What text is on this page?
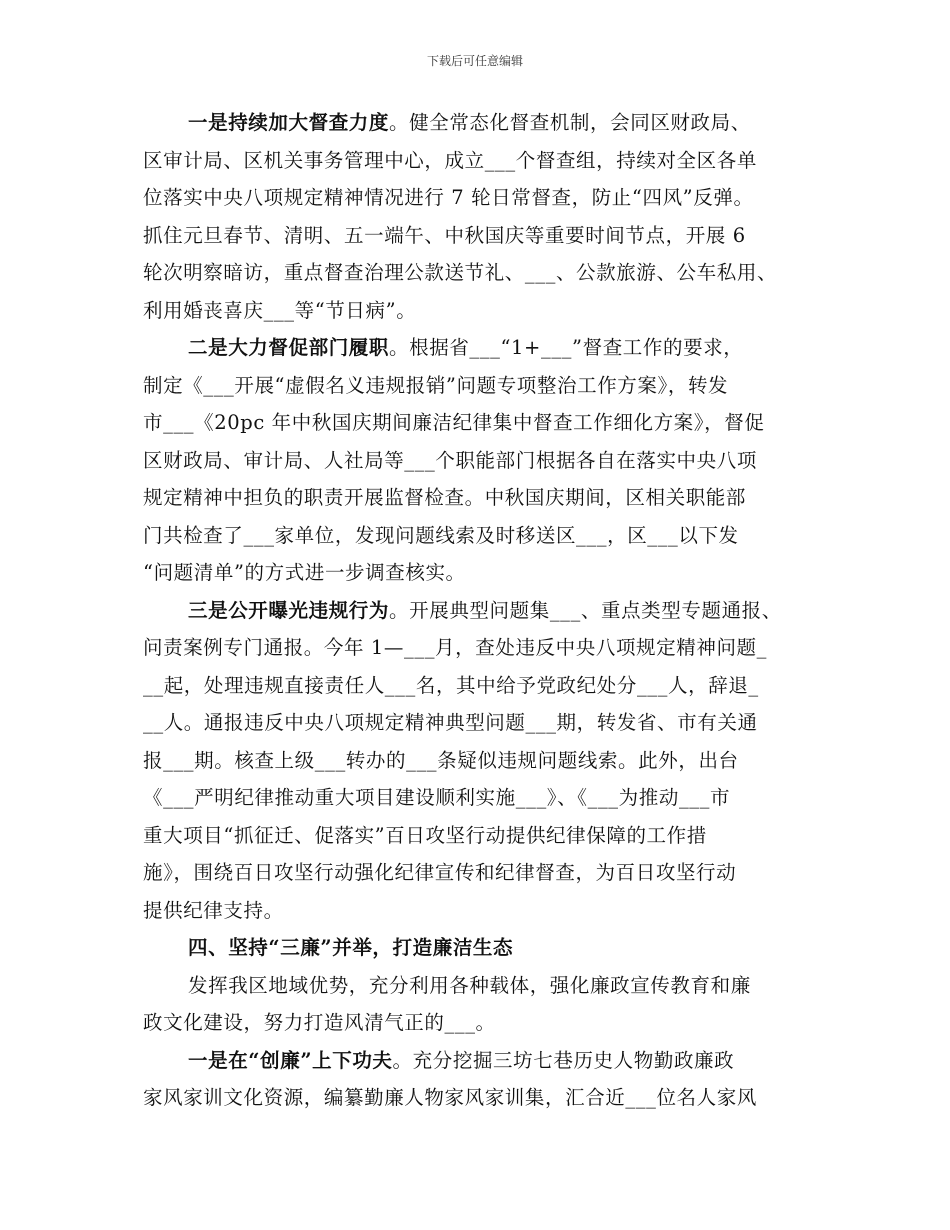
下载后可任意编辑
一是持续加大督查力度。健全常态化督查机制，会同区财政局、
区审计局、区机关事务管理中心，成立___个督查组，持续对全区各单
位落实中央八项规定精神情况进行 7 轮日常督查，防止“四风”反弹。
抓住元旦春节、清明、五一端午、中秋国庆等重要时间节点，开展 6
轮次明察暗访，重点督查治理公款送节礼、___、公款旅游、公车私用、
利用婚丧喜庆___等“节日病”。
二是大力督促部门履职。根据省___“1+___”督查工作的要求，
制定《___开展“虚假名义违规报销”问题专项整治工作方案》，转发
市___《20pc 年中秋国庆期间廉洁纪律集中督查工作细化方案》，督促
区财政局、审计局、人社局等___个职能部门根据各自在落实中央八项
规定精神中担负的职责开展监督检查。中秋国庆期间，区相关职能部
门共检查了___家单位，发现问题线索及时移送区___，区___以下发
“问题清单”的方式进一步调查核实。
三是公开曝光违规行为。开展典型问题集___、重点类型专题通报、
问责案例专门通报。今年 1—___月，查处违反中央八项规定精神问题_
__起，处理违规直接责任人___名，其中给予党政纪处分___人，辞退_
__人。通报违反中央八项规定精神典型问题___期，转发省、市有关通
报___期。核查上级___转办的___条疑似违规问题线索。此外，出台
《___严明纪律推动重大项目建设顺利实施___》、《___为推动___市
重大项目“抓征迁、促落实”百日攻坚行动提供纪律保障的工作措
施》，围绕百日攻坚行动强化纪律宣传和纪律督查，为百日攻坚行动
提供纪律支持。
四、坚持“三廉”并举，打造廉洁生态
发挥我区地域优势，充分利用各种载体，强化廉政宣传教育和廉
政文化建设，努力打造风清气正的___。
一是在“创廉”上下功夫。充分挖掘三坊七巷历史人物勤政廉政
家风家训文化资源，编纂勤廉人物家风家训集，汇合近___位名人家风
